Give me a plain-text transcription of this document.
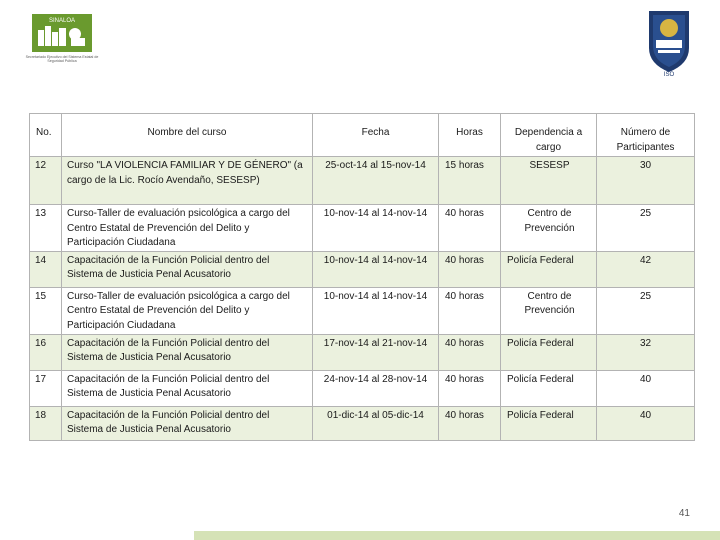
SINALOA
Secretariado Ejecutivo del Sistema Estatal de Seguridad Pública
ISO
No.	Nombre del curso	Fecha	Horas	Dependencia a cargo	Número de Participantes
12	Curso "LA VIOLENCIA FAMILIAR Y DE GÉNERO" (a cargo de la Lic. Rocío Avendaño, SESESP)	25-oct-14 al 15-nov-14	15 horas	SESESP	30
13	Curso-Taller de evaluación psicológica a cargo del Centro Estatal de Prevención del Delito y Participación Ciudadana	10-nov-14 al 14-nov-14	40 horas	Centro de Prevención	25
14	Capacitación de la Función Policial dentro del Sistema de Justicia Penal Acusatorio	10-nov-14 al 14-nov-14	40 horas	Policía Federal	42
15	Curso-Taller de evaluación psicológica a cargo del Centro Estatal de Prevención del Delito y Participación Ciudadana	10-nov-14 al 14-nov-14	40 horas	Centro de Prevención	25
16	Capacitación de la Función Policial dentro del Sistema de Justicia Penal Acusatorio	17-nov-14 al 21-nov-14	40 horas	Policía Federal	32
17	Capacitación de la Función Policial dentro del Sistema de Justicia Penal Acusatorio	24-nov-14 al 28-nov-14	40 horas	Policía Federal	40
18	Capacitación de la Función Policial dentro del Sistema de Justicia Penal Acusatorio	01-dic-14 al 05-dic-14	40 horas	Policía Federal	40
41
